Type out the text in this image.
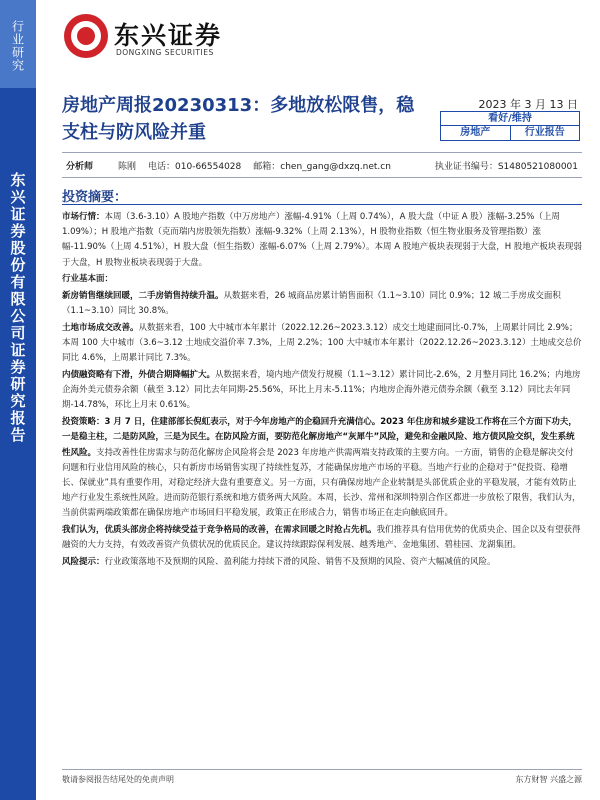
行业研究
东兴证券股份有限公司证券研究报告
东兴证券
DONGXING SECURITIES
房地产周报20230313：多地放松限售，稳支柱与防风险并重
2023 年 3 月 13 日
看好/维持
房地产	行业报告
分析师	陈刚 电话：010-66554028 邮箱：chen_gang@dxzq.net.cn	执业证书编号：S1480521080001
投资摘要：

市场行情：本周（3.6-3.10）A 股地产指数（中万房地产）涨幅-4.91%（上周 0.74%），A 股大盘（中证 A 股）涨幅-3.25%（上周 1.09%）；H 股地产指数（克而瑞内房股领先指数）涨幅-9.32%（上周 2.13%），H 股物业指数（恒生物业服务及管理指数）涨幅-11.90%（上周 4.51%），H 股大盘（恒生指数）涨幅-6.07%（上周 2.79%）。本周 A 股地产板块表现弱于大盘，H 股地产板块表现弱于大盘，H 股物业板块表现弱于大盘。

行业基本面：

新房销售继续回暖，二手房销售持续升温。从数据来看，26 城商品房累计销售面积（1.1~3.10）同比 0.9%；12 城二手房成交面积（1.1~3.10）同比 30.8%。

土地市场成交改善。从数据来看，100 大中城市本年累计（2022.12.26~2023.3.12）成交土地建面同比-0.7%，上周累计同比 2.9%；本周 100 大中城市（3.6~3.12 土地成交溢价率 7.3%，上周 2.2%；100 大中城市本年累计（2022.12.26~2023.3.12）土地成交总价同比 4.6%，上周累计同比 7.3%。

内债融资略有下滑，外债合期降幅扩大。从数据来看，境内地产债发行规模（1.1~3.12）累计同比-2.6%，2 月整月同比 16.2%；内地房企海外美元债券余额（截至 3.12）同比去年同期-25.56%，环比上月末-5.11%；内地房企海外港元债券余额（截至 3.12）同比去年同期-14.78%，环比上月末 0.61%。

投资策略：3 月 7 日，住建部部长倪虹表示，对于今年房地产的企稳回升充满信心。2023 年住房和城乡建设工作将在三个方面下功夫，一是稳主柱，二是防风险，三是为民生。在防风险方面，要防范化解房地产“灰犀牛”风险，避免和金融风险、地方债风险交织，发生系统性风险。支持改善性住房需求与防范化解房企风险将会是 2023 年房地产供需两端支持政策的主要方向。一方面，销售的企稳是解决交付问题和行业信用风险的核心，只有新房市场销售实现了持续性复苏，才能确保房地产市场的平稳。当地产行业的企稳对于“促投资、稳增长、保就业”具有重要作用，对稳定经济大盘有重要意义。另一方面，只有确保房地产企业转制是头部优质企业的平稳发展，才能有效防止地产行业发生系统性风险。进而防范银行系统和地方债务两大风险。本周，长沙、常州和深圳特别合作区都进一步放松了限售，我们认为，当前供需两端政策都在确保房地产市场回归平稳发展，政策正在形成合力，销售市场正在走向触底回升。

我们认为，优质头部房企将持续受益于竞争格局的改善，在需求回暖之时抢占先机。我们推荐具有信用优势的优质央企、国企以及有望获得融资的大力支持，有效改善资产负债状况的优质民企。建议持续跟踪保利发展、越秀地产、金地集团、碧桂园、龙湖集团。

风险提示：行业政策落地不及预期的风险、盈利能力持续下滑的风险、销售不及预期的风险、资产大幅减值的风险。

敬请参阅报告结尾处的免责声明	东方财智 兴盛之源
